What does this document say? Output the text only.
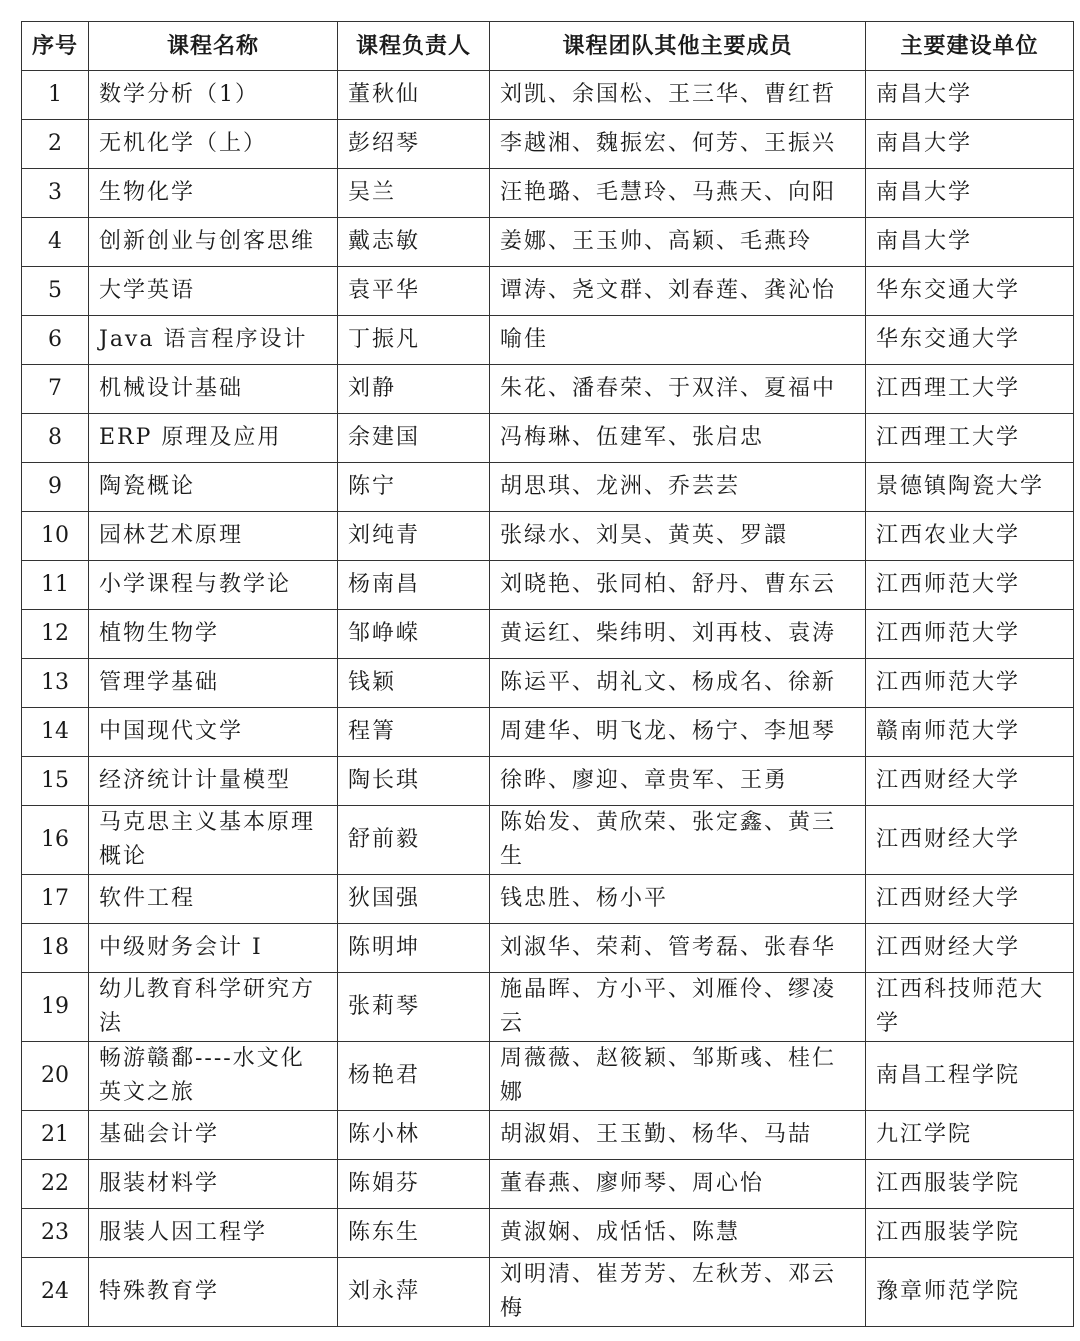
序号	课程名称	课程负责人	课程团队其他主要成员	主要建设单位
1	数学分析（1）	董秋仙	刘凯、余国松、王三华、曹红哲	南昌大学
2	无机化学（上）	彭绍琴	李越湘、魏振宏、何芳、王振兴	南昌大学
3	生物化学	吴兰	汪艳璐、毛慧玲、马燕天、向阳	南昌大学
4	创新创业与创客思维	戴志敏	姜娜、王玉帅、高颖、毛燕玲	南昌大学
5	大学英语	袁平华	谭涛、尧文群、刘春莲、龚沁怡	华东交通大学
6	Java 语言程序设计	丁振凡	喻佳	华东交通大学
7	机械设计基础	刘静	朱花、潘春荣、于双洋、夏福中	江西理工大学
8	ERP 原理及应用	余建国	冯梅琳、伍建军、张启忠	江西理工大学
9	陶瓷概论	陈宁	胡思琪、龙洲、乔芸芸	景德镇陶瓷大学
10	园林艺术原理	刘纯青	张绿水、刘昊、黄英、罗譞	江西农业大学
11	小学课程与教学论	杨南昌	刘晓艳、张同柏、舒丹、曹东云	江西师范大学
12	植物生物学	邹峥嵘	黄运红、柴纬明、刘再枝、袁涛	江西师范大学
13	管理学基础	钱颖	陈运平、胡礼文、杨成名、徐新	江西师范大学
14	中国现代文学	程箐	周建华、明飞龙、杨宁、李旭琴	赣南师范大学
15	经济统计计量模型	陶长琪	徐晔、廖迎、章贵军、王勇	江西财经大学
16	马克思主义基本原理概论	舒前毅	陈始发、黄欣荣、张定鑫、黄三生	江西财经大学
17	软件工程	狄国强	钱忠胜、杨小平	江西财经大学
18	中级财务会计 I	陈明坤	刘淑华、荣莉、管考磊、张春华	江西财经大学
19	幼儿教育科学研究方法	张莉琴	施晶晖、方小平、刘雁伶、缪凌云	江西科技师范大学
20	畅游赣鄱----水文化英文之旅	杨艳君	周薇薇、赵筱颖、邹斯彧、桂仁娜	南昌工程学院
21	基础会计学	陈小林	胡淑娟、王玉勤、杨华、马喆	九江学院
22	服装材料学	陈娟芬	董春燕、廖师琴、周心怡	江西服装学院
23	服装人因工程学	陈东生	黄淑娴、成恬恬、陈慧	江西服装学院
24	特殊教育学	刘永萍	刘明清、崔芳芳、左秋芳、邓云梅	豫章师范学院
